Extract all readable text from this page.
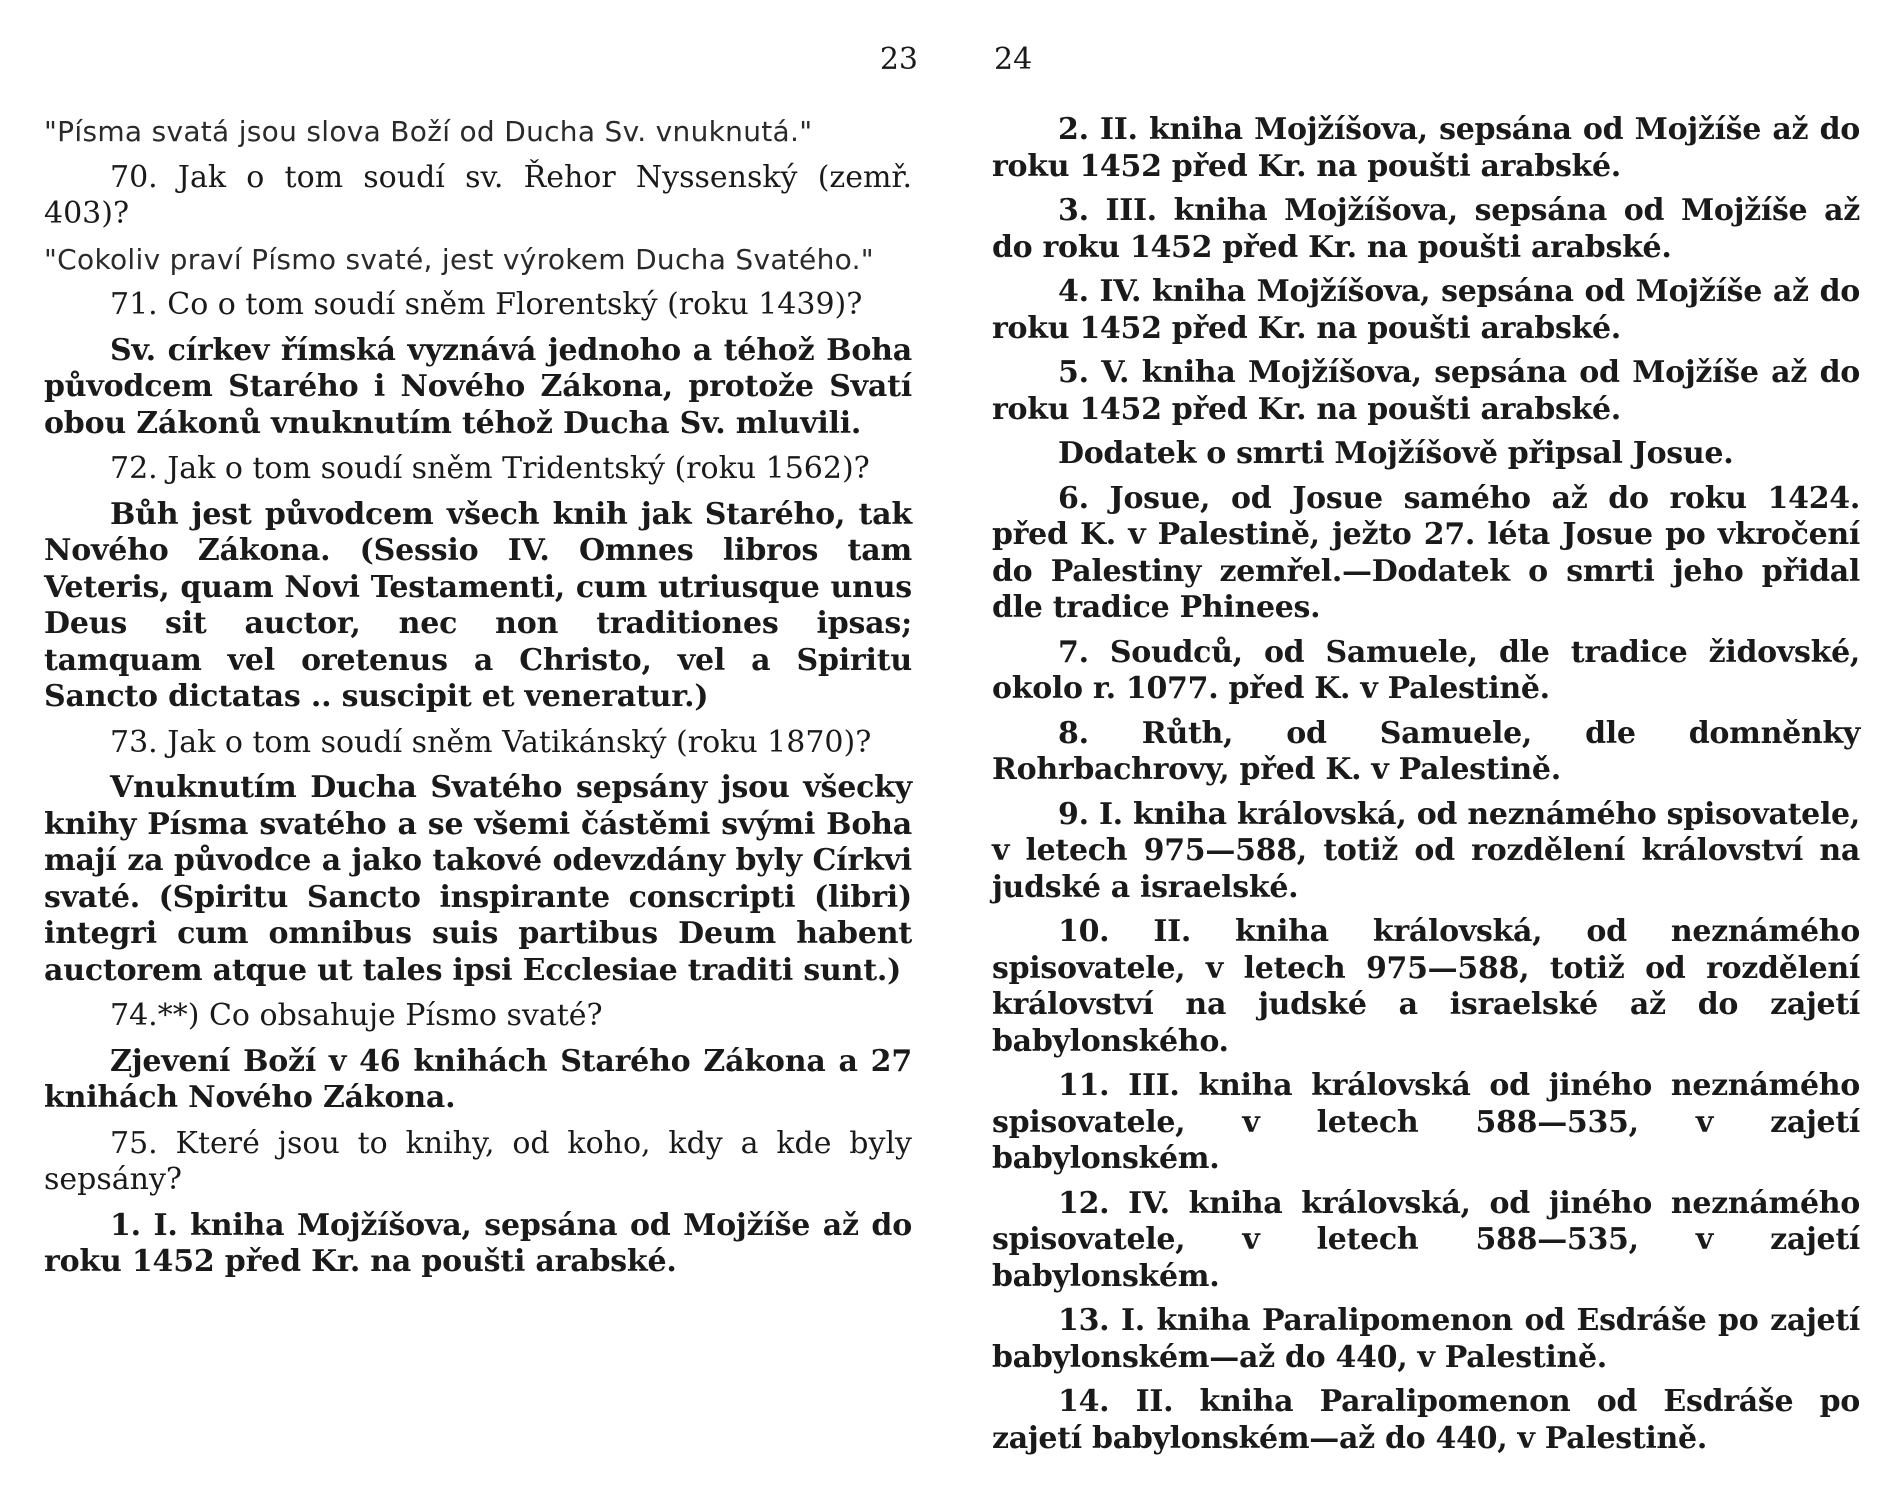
23

"Písma svatá jsou slova Boží od Ducha Sv. vnuknutá."

70. Jak o tom soudí sv. Řehor Nyssenský (zemř. 403)?

"Cokoliv praví Písmo svaté, jest výrokem Ducha Svatého."

71. Co o tom soudí sněm Florentský (roku 1439)?

Sv. církev římská vyznává jednoho a téhož Boha původcem Starého i Nového Zákona, protože Svatí obou Zákonů vnuknutím téhož Ducha Sv. mluvili.

72. Jak o tom soudí sněm Tridentský (roku 1562)?

Bůh jest původcem všech knih jak Starého, tak Nového Zákona. (Sessio IV. Omnes libros tam Veteris, quam Novi Testamenti, cum utriusque unus Deus sit auctor, nec non traditiones ipsas; tamquam vel oretenus a Christo, vel a Spiritu Sancto dictatas .. suscipit et veneratur.)

73. Jak o tom soudí sněm Vatikánský (roku 1870)?

Vnuknutím Ducha Svatého sepsány jsou všecky knihy Písma svatého a se všemi částěmi svými Boha mají za původce a jako takové odevzdány byly Církvi svaté. (Spiritu Sancto inspirante conscripti (libri) integri cum omnibus suis partibus Deum habent auctorem atque ut tales ipsi Ecclesiae traditi sunt.)

74.**) Co obsahuje Písmo svaté?

Zjevení Boží v 46 knihách Starého Zákona a 27 knihách Nového Zákona.

75. Které jsou to knihy, od koho, kdy a kde byly sepsány?

1. I. kniha Mojžíšova, sepsána od Mojžíše až do roku 1452 před Kr. na poušti arabské.

24

2. II. kniha Mojžíšova, sepsána od Mojžíše až do roku 1452 před Kr. na poušti arabské.

3. III. kniha Mojžíšova, sepsána od Mojžíše až do roku 1452 před Kr. na poušti arabské.

4. IV. kniha Mojžíšova, sepsána od Mojžíše až do roku 1452 před Kr. na poušti arabské.

5. V. kniha Mojžíšova, sepsána od Mojžíše až do roku 1452 před Kr. na poušti arabské.

Dodatek o smrti Mojžíšově připsal Josue.

6. Josue, od Josue samého až do roku 1424. před K. v Palestině, ježto 27. léta Josue po vkročení do Palestiny zemřel.—Dodatek o smrti jeho přidal dle tradice Phinees.

7. Soudců, od Samuele, dle tradice židovské, okolo r. 1077. před K. v Palestině.

8. Růth, od Samuele, dle domněnky Rohrbachrovy, před K. v Palestině.

9. I. kniha královská, od neznámého spisovatele, v letech 975—588, totiž od rozdělení království na judské a israelské.

10. II. kniha královská, od neznámého spisovatele, v letech 975—588, totiž od rozdělení království na judské a israelské až do zajetí babylonského.

11. III. kniha královská od jiného neznámého spisovatele, v letech 588—535, v zajetí babylonském.

12. IV. kniha královská, od jiného neznámého spisovatele, v letech 588—535, v zajetí babylonském.

13. I. kniha Paralipomenon od Esdráše po zajetí babylonském—až do 440, v Palestině.

14. II. kniha Paralipomenon od Esdráše po zajetí babylonském—až do 440, v Palestině.
